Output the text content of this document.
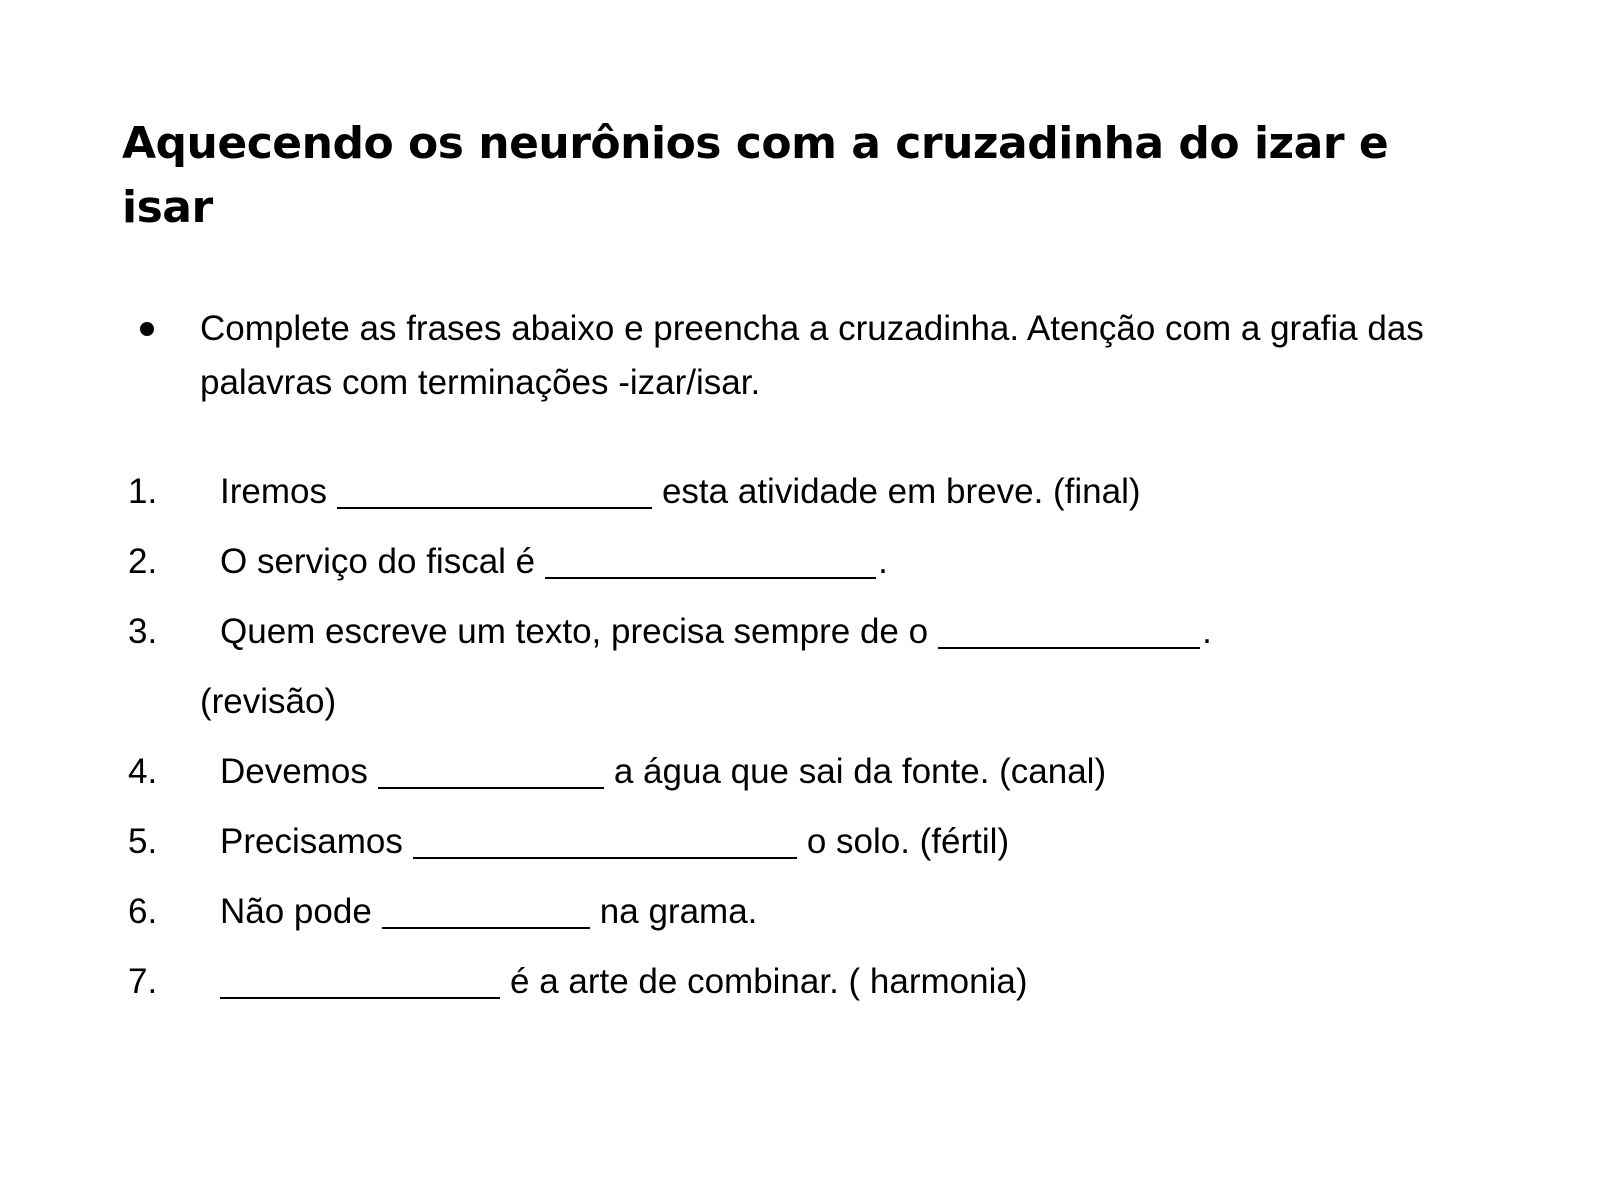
Aquecendo os neurônios com a cruzadinha do izar e isar
Complete as frases abaixo e preencha a cruzadinha. Atenção com a grafia das palavras com terminações -izar/isar.
1. Iremos	esta atividade em breve. (final)
2. O serviço do fiscal é	.
3. Quem escreve um texto, precisa sempre de o	.
(revisão)
4. Devemos	a água que sai da fonte. (canal)
5. Precisamos	o solo. (fértil)
6. Não pode	na grama.
7.	é a arte de combinar. ( harmonia)
